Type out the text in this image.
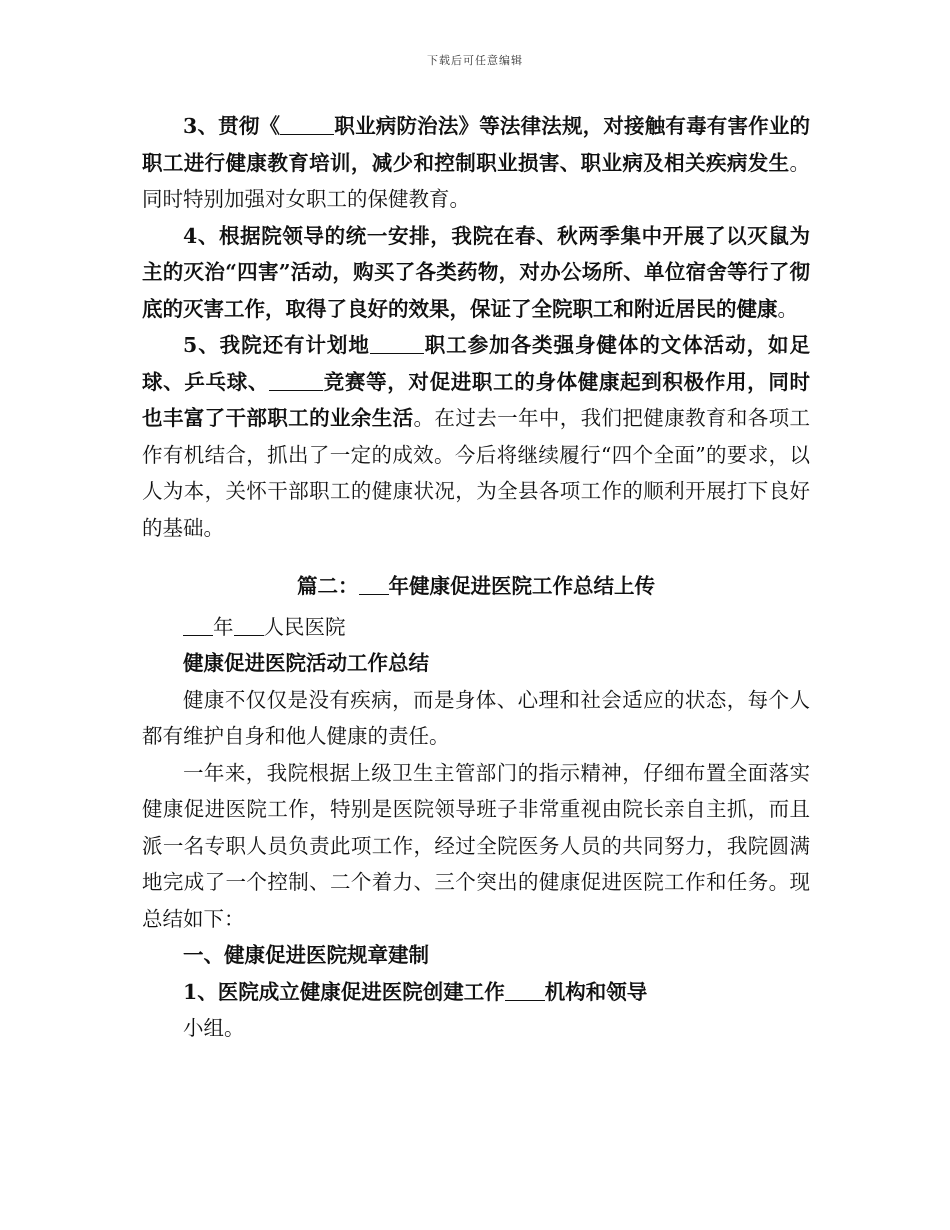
下载后可任意编辑

3、贯彻《	职业病防治法》等法律法规，对接触有毒有害作业的职工进行健康教育培训，减少和控制职业损害、职业病及相关疾病发生。同时特别加强对女职工的保健教育。

4、根据院领导的统一安排，我院在春、秋两季集中开展了以灭鼠为主的灭治“四害”活动，购买了各类药物，对办公场所、单位宿舍等行了彻底的灭害工作，取得了良好的效果，保证了全院职工和附近居民的健康。

5、我院还有计划地	职工参加各类强身健体的文体活动，如足球、乒乓球、	竞赛等，对促进职工的身体健康起到积极作用，同时也丰富了干部职工的业余生活。在过去一年中，我们把健康教育和各项工作有机结合，抓出了一定的成效。今后将继续履行“四个全面”的要求，以人为本，关怀干部职工的健康状况，为全县各项工作的顺利开展打下良好的基础。

篇二： 年健康促进医院工作总结上传

年 人民医院

健康促进医院活动工作总结

健康不仅仅是没有疾病，而是身体、心理和社会适应的状态，每个人都有维护自身和他人健康的责任。

一年来，我院根据上级卫生主管部门的指示精神，仔细布置全面落实健康促进医院工作，特别是医院领导班子非常重视由院长亲自主抓，而且派一名专职人员负责此项工作，经过全院医务人员的共同努力，我院圆满地完成了一个控制、二个着力、三个突出的健康促进医院工作和任务。现总结如下：

一、健康促进医院规章建制

1、医院成立健康促进医院创建工作 机构和领导

小组。
